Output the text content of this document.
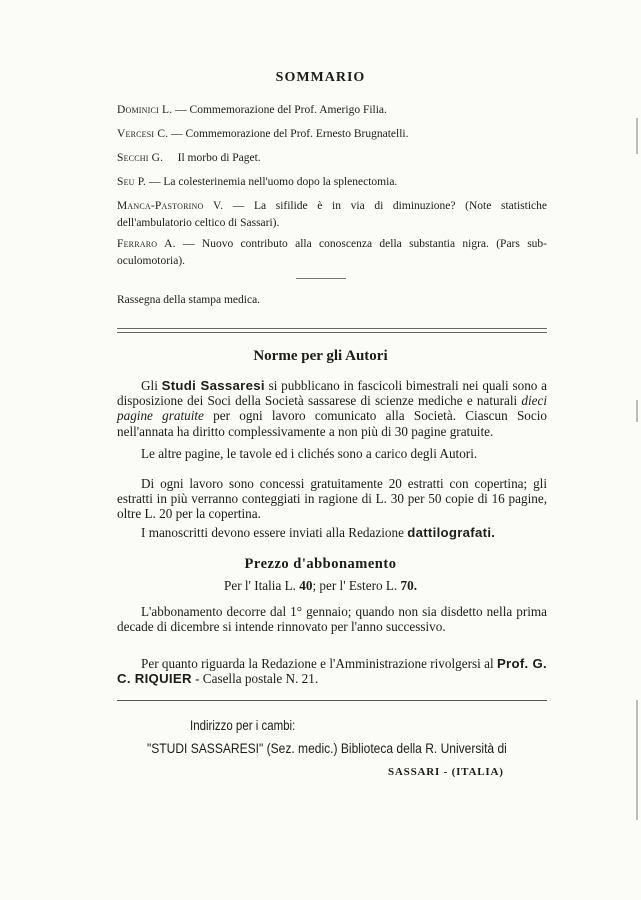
SOMMARIO
Dominici L. — Commemorazione del Prof. Amerigo Filia.
Vercesi C. — Commemorazione del Prof. Ernesto Brugnatelli.
Secchi G.     Il morbo di Paget.
Seu P. — La colesterinemia nell'uomo dopo la splenectomia.
Manca-Pastorino V. — La sifilide è in via di diminuzione? (Note statistiche dell'ambulatorio celtico di Sassari).
Ferraro A. — Nuovo contributo alla conoscenza della substantia nigra. (Pars sub-oculomotoria).
Rassegna della stampa medica.
Norme per gli Autori
Gli Studi Sassaresi si pubblicano in fascicoli bimestrali nei quali sono a disposizione dei Soci della Società sassarese di scienze mediche e naturali dieci pagine gratuite per ogni lavoro comunicato alla Società. Ciascun Socio nell'annata ha diritto complessivamente a non più di 30 pagine gratuite.
Le altre pagine, le tavole ed i clichés sono a carico degli Autori.
Di ogni lavoro sono concessi gratuitamente 20 estratti con copertina; gli estratti in più verranno conteggiati in ragione di L. 30 per 50 copie di 16 pagine, oltre L. 20 per la copertina.
I manoscritti devono essere inviati alla Redazione dattilografati.
Prezzo d'abbonamento
Per l' Italia L. 40; per l' Estero L. 70.
L'abbonamento decorre dal 1° gennaio; quando non sia disdetto nella prima decade di dicembre si intende rinnovato per l'anno successivo.
Per quanto riguarda la Redazione e l'Amministrazione rivolgersi al Prof. G. C. RIQUIER - Casella postale N. 21.
Indirizzo per i cambi:
"STUDI SASSARESI" (Sez. medic.) Biblioteca della R. Università di
SASSARI - (ITALIA)
